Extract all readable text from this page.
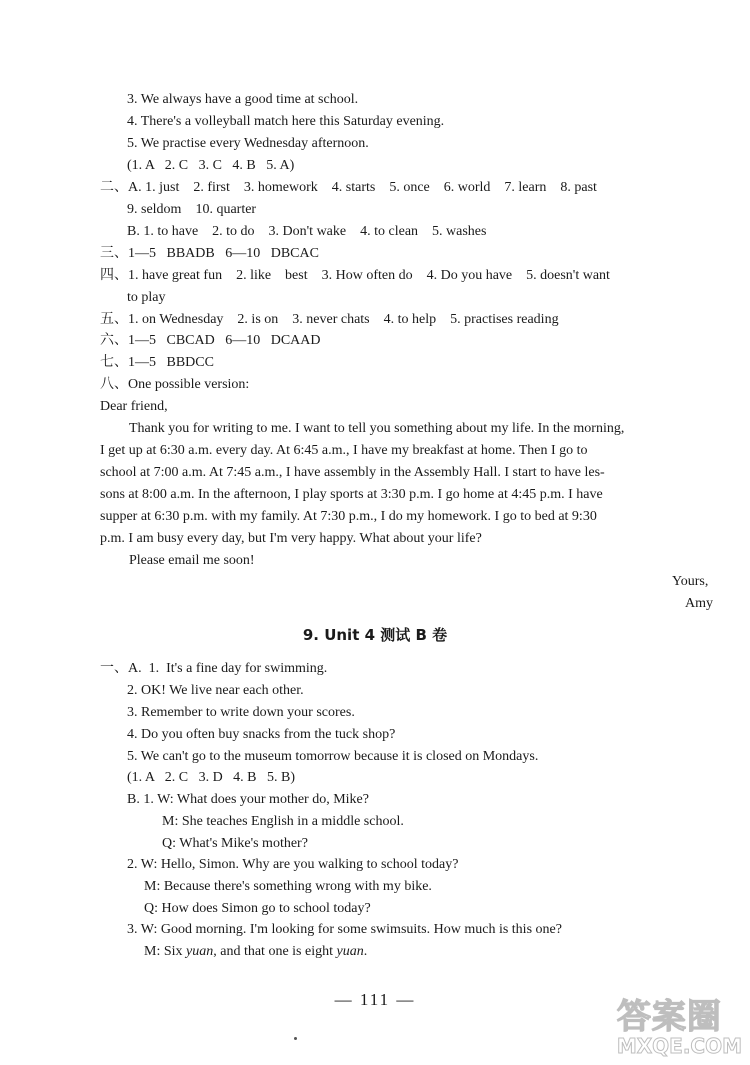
3. We always have a good time at school.
4. There's a volleyball match here this Saturday evening.
5. We practise every Wednesday afternoon.
(1. A   2. C   3. C   4. B   5. A)
二、A. 1. just    2. first    3. homework    4. starts    5. once    6. world    7. learn    8. past
9. seldom    10. quarter
B. 1. to have    2. to do    3. Don't wake    4. to clean    5. washes
三、1—5   BBADB   6—10   DBCAC
四、1. have great fun    2. like    best    3. How often do    4. Do you have    5. doesn't want
to play
五、1. on Wednesday    2. is on    3. never chats    4. to help    5. practises reading
六、1—5   CBCAD   6—10   DCAAD
七、1—5   BBDCC
八、One possible version:
Dear friend,
Thank you for writing to me. I want to tell you something about my life. In the morning,
I get up at 6:30 a.m. every day. At 6:45 a.m., I have my breakfast at home. Then I go to
school at 7:00 a.m. At 7:45 a.m., I have assembly in the Assembly Hall. I start to have les-
sons at 8:00 a.m. In the afternoon, I play sports at 3:30 p.m. I go home at 4:45 p.m. I have
supper at 6:30 p.m. with my family. At 7:30 p.m., I do my homework. I go to bed at 9:30
p.m. I am busy every day, but I'm very happy. What about your life?
Please email me soon!
Yours,
Amy
9. Unit 4 测试 B 卷
一、A.  1.  It's a fine day for swimming.
2. OK! We live near each other.
3. Remember to write down your scores.
4. Do you often buy snacks from the tuck shop?
5. We can't go to the museum tomorrow because it is closed on Mondays.
(1. A   2. C   3. D   4. B   5. B)
B. 1. W: What does your mother do, Mike?
M: She teaches English in a middle school.
Q: What's Mike's mother?
2. W: Hello, Simon. Why are you walking to school today?
M: Because there's something wrong with my bike.
Q: How does Simon go to school today?
3. W: Good morning. I'm looking for some swimsuits. How much is this one?
M: Six yuan, and that one is eight yuan.
— 111 —	答案圈
MXQE.COM
